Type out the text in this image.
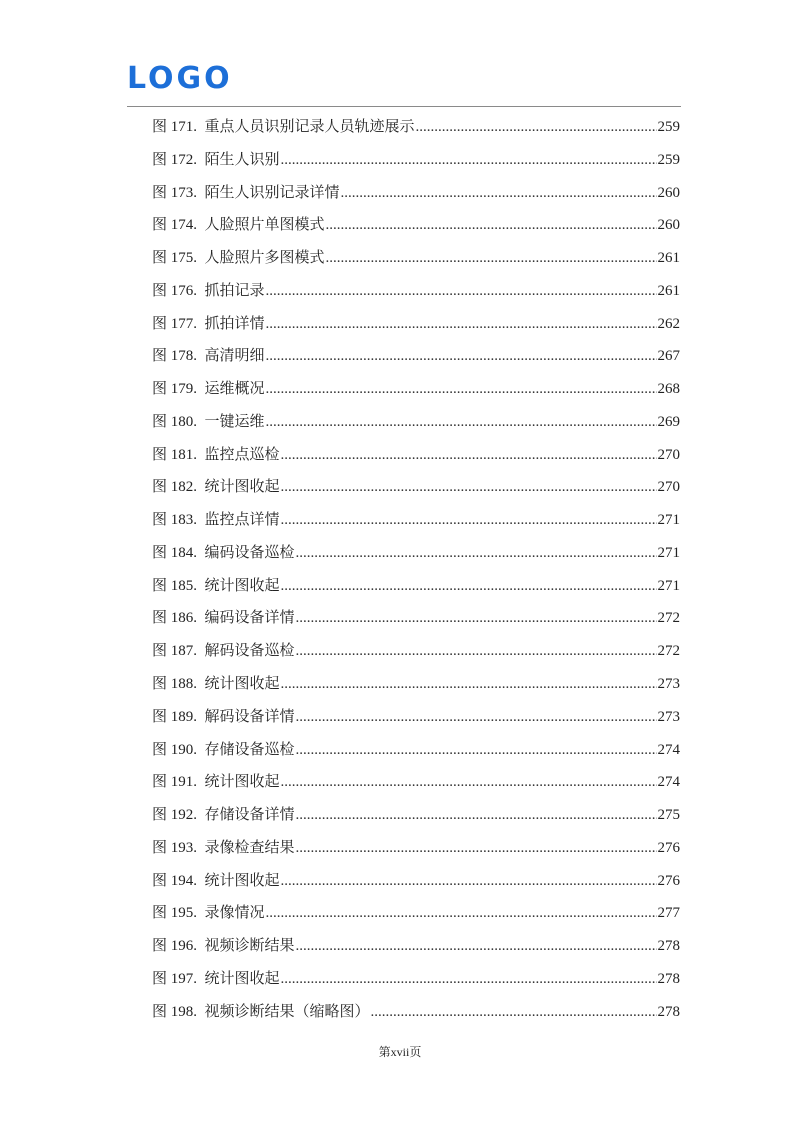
LOGO
图 171.  重点人员识别记录人员轨迹展示 .....	259
图 172.  陌生人识别 .....	259
图 173.  陌生人识别记录详情 .....	260
图 174.  人脸照片单图模式 .....	260
图 175.  人脸照片多图模式 .....	261
图 176.  抓拍记录 .....	261
图 177.  抓拍详情 .....	262
图 178.  高清明细 .....	267
图 179.  运维概况 .....	268
图 180.  一键运维 .....	269
图 181.  监控点巡检 .....	270
图 182.  统计图收起 .....	270
图 183.  监控点详情 .....	271
图 184.  编码设备巡检 .....	271
图 185.  统计图收起 .....	271
图 186.  编码设备详情 .....	272
图 187.  解码设备巡检 .....	272
图 188.  统计图收起 .....	273
图 189.  解码设备详情 .....	273
图 190.  存储设备巡检 .....	274
图 191.  统计图收起 .....	274
图 192.  存储设备详情 .....	275
图 193.  录像检查结果 .....	276
图 194.  统计图收起 .....	276
图 195.  录像情况 .....	277
图 196.  视频诊断结果 .....	278
图 197.  统计图收起 .....	278
图 198.  视频诊断结果（缩略图） .....	278
第xvii页
